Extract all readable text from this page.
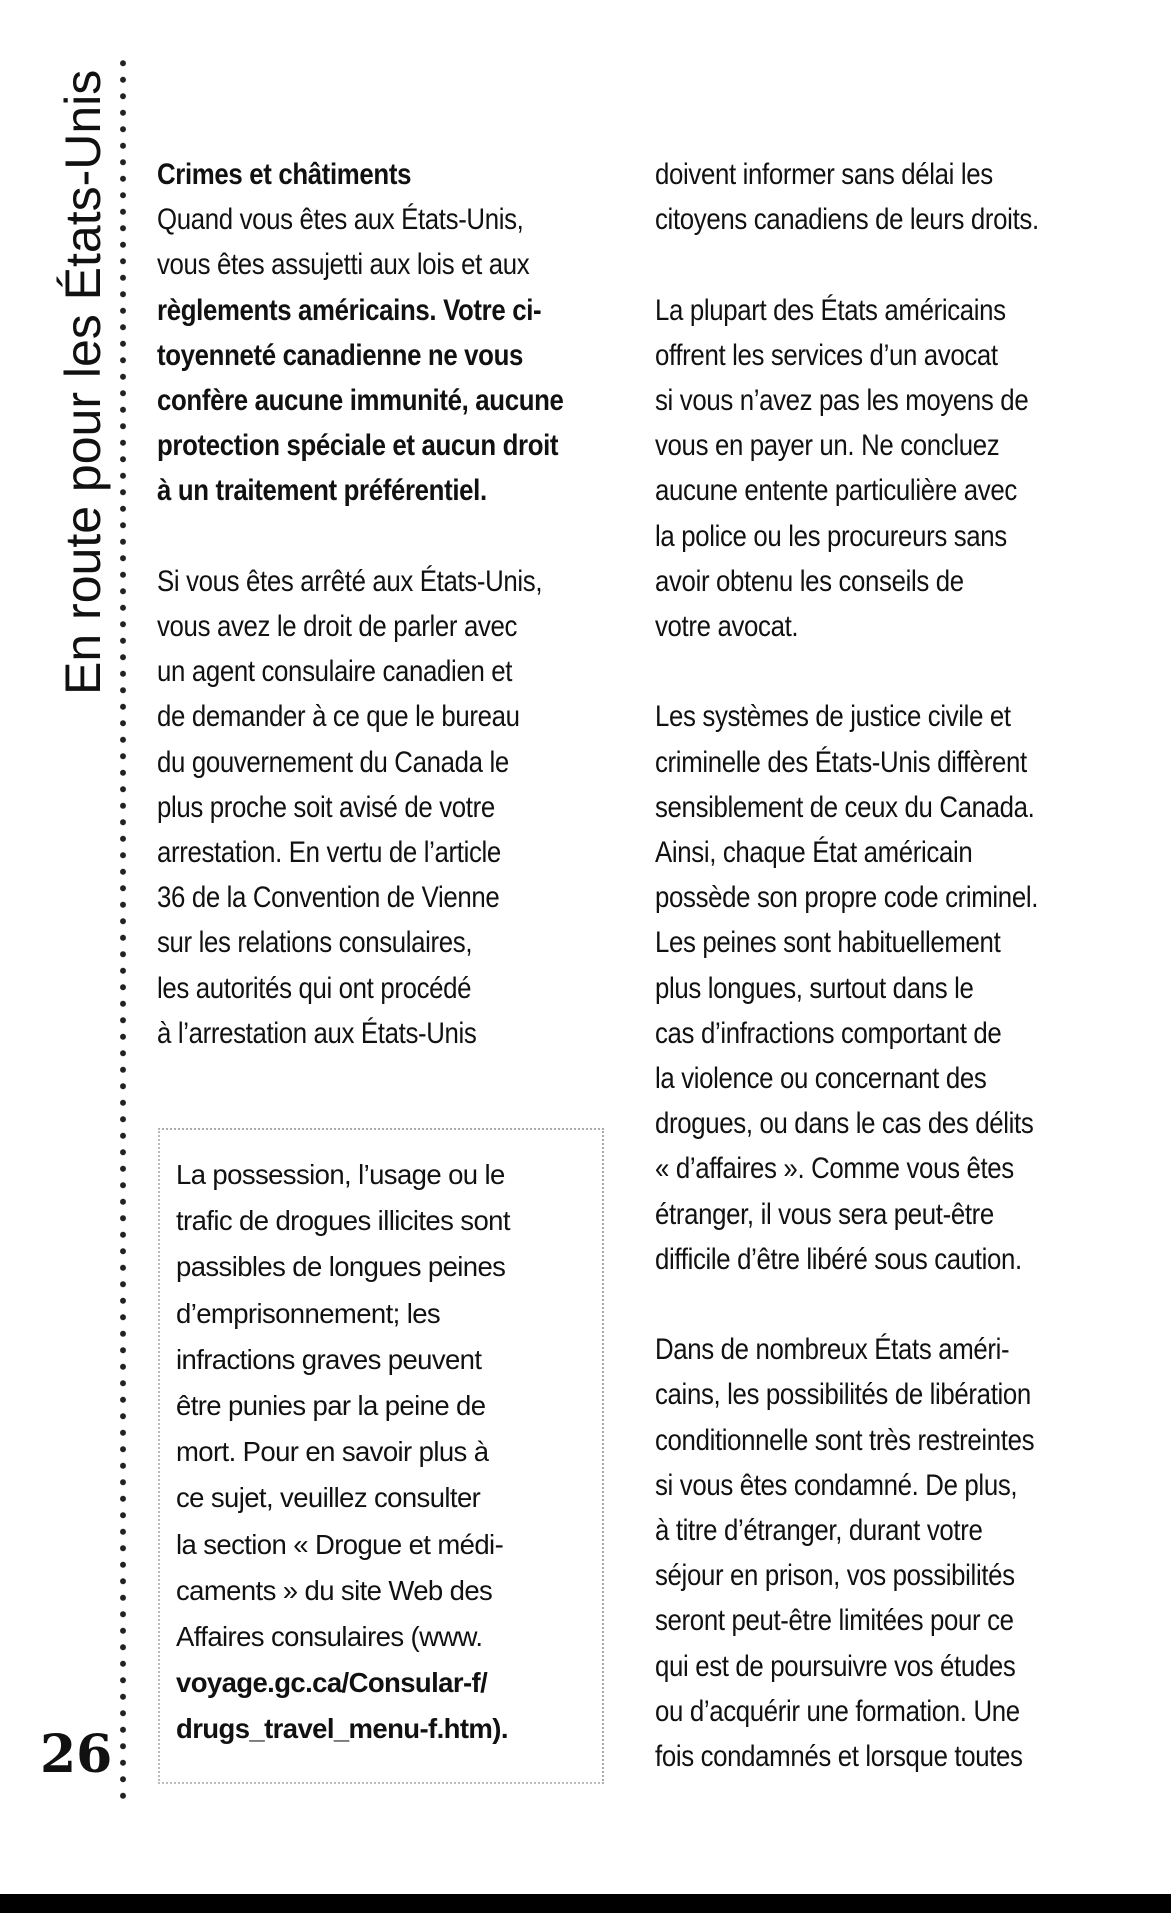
En route pour les États-Unis
26

Crimes et châtiments

Quand vous êtes aux États-Unis,

vous êtes assujetti aux lois et aux

règlements américains. Votre ci-

toyenneté canadienne ne vous

confère aucune immunité, aucune

protection spéciale et aucun droit

à un traitement préférentiel.

Si vous êtes arrêté aux États-Unis,

vous avez le droit de parler avec

un agent consulaire canadien et

de demander à ce que le bureau

du gouvernement du Canada le

plus proche soit avisé de votre

arrestation. En vertu de l’article

36 de la Convention de Vienne

sur les relations consulaires,

les autorités qui ont procédé

à l’arrestation aux États-Unis

La possession, l’usage ou le

trafic de drogues illicites sont

passibles de longues peines

d’emprisonnement; les

infractions graves peuvent

être punies par la peine de

mort. Pour en savoir plus à

ce sujet, veuillez consulter

la section « Drogue et médi-

caments » du site Web des

Affaires consulaires (www.

voyage.gc.ca/Consular-f/

drugs_travel_menu-f.htm).

doivent informer sans délai les

citoyens canadiens de leurs droits.

La plupart des États américains

offrent les services d’un avocat

si vous n’avez pas les moyens de

vous en payer un. Ne concluez

aucune entente particulière avec

la police ou les procureurs sans

avoir obtenu les conseils de

votre avocat.

Les systèmes de justice civile et

criminelle des États-Unis diffèrent

sensiblement de ceux du Canada.

Ainsi, chaque État américain

possède son propre code criminel.

Les peines sont habituellement

plus longues, surtout dans le

cas d’infractions comportant de

la violence ou concernant des

drogues, ou dans le cas des délits

« d’affaires ». Comme vous êtes

étranger, il vous sera peut-être

difficile d’être libéré sous caution.

Dans de nombreux États améri-

cains, les possibilités de libération

conditionnelle sont très restreintes

si vous êtes condamné. De plus,

à titre d’étranger, durant votre

séjour en prison, vos possibilités

seront peut-être limitées pour ce

qui est de poursuivre vos études

ou d’acquérir une formation. Une

fois condamnés et lorsque toutes
